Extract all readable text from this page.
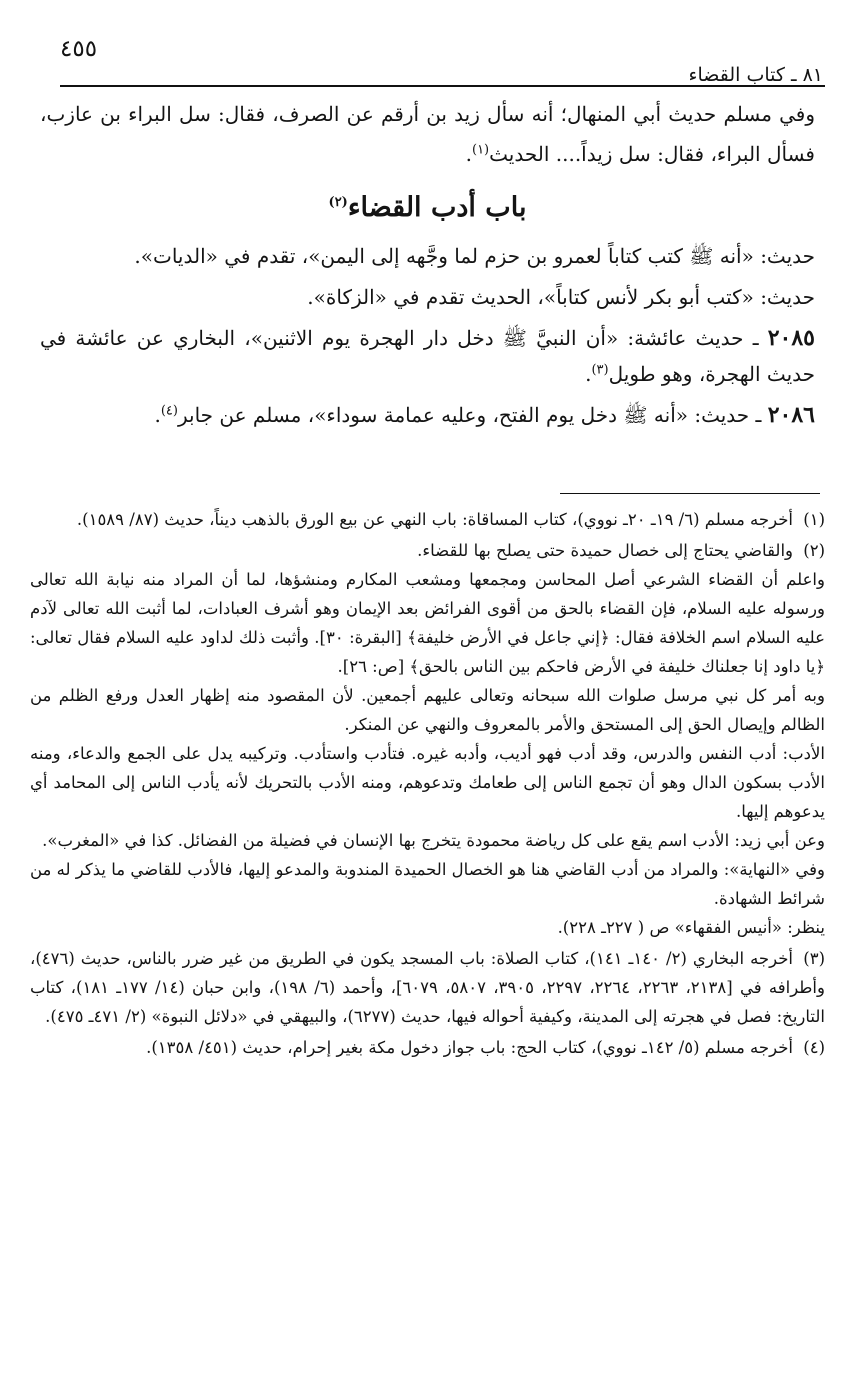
٤٥٥
٨١ ـ كتاب القضاء

وفي مسلم حديث أبي المنهال؛ أنه سأل زيد بن أرقم عن الصرف، فقال: سل البراء بن عازب، فسأل البراء، فقال: سل زيداً.... الحديث$^{(١)}$.

باب أدب القضاء$^{(٢)}$

حديث: «أنه ﷺ كتب كتاباً لعمرو بن حزم لما وجَّهه إلى اليمن»، تقدم في «الديات».

حديث: «كتب أبو بكر لأنس كتاباً»، الحديث تقدم في «الزكاة».

٢٠٨٥ ـ حديث عائشة: «أن النبيَّ ﷺ دخل دار الهجرة يوم الاثنين»، البخاري عن عائشة في حديث الهجرة، وهو طويل$^{(٣)}$.

٢٠٨٦ ـ حديث: «أنه ﷺ دخل يوم الفتح، وعليه عمامة سوداء»، مسلم عن جابر$^{(٤)}$.

(١)أخرجه مسلم (٦/ ١٩ـ ٢٠ـ نووي)، كتاب المساقاة: باب النهي عن بيع الورق بالذهب ديناً، حديث (٨٧/ ١٥٨٩).

(٢)والقاضي يحتاج إلى خصال حميدة حتى يصلح بها للقضاء.

واعلم أن القضاء الشرعي أصل المحاسن ومجمعها ومشعب المكارم ومنشؤها، لما أن المراد منه نيابة الله تعالى ورسوله عليه السلام، فإن القضاء بالحق من أقوى الفرائض بعد الإيمان وهو أشرف العبادات، لما أثبت الله تعالى لآدم عليه السلام اسم الخلافة فقال: ﴿إني جاعل في الأرض خليفة﴾ [البقرة: ٣٠]. وأثبت ذلك لداود عليه السلام فقال تعالى: ﴿يا داود إنا جعلناك خليفة في الأرض فاحكم بين الناس بالحق﴾ [ص: ٢٦].

وبه أمر كل نبي مرسل صلوات الله سبحانه وتعالى عليهم أجمعين. لأن المقصود منه إظهار العدل ورفع الظلم من الظالم وإيصال الحق إلى المستحق والأمر بالمعروف والنهي عن المنكر.

الأدب: أدب النفس والدرس، وقد أدب فهو أديب، وأدبه غيره. فتأدب واستأدب. وتركيبه يدل على الجمع والدعاء، ومنه الأدب بسكون الدال وهو أن تجمع الناس إلى طعامك وتدعوهم، ومنه الأدب بالتحريك لأنه يأدب الناس إلى المحامد أي يدعوهم إليها.

وعن أبي زيد: الأدب اسم يقع على كل رياضة محمودة يتخرج بها الإنسان في فضيلة من الفضائل. كذا في «المغرب».

وفي «النهاية»: والمراد من أدب القاضي هنا هو الخصال الحميدة المندوبة والمدعو إليها، فالأدب للقاضي ما يذكر له من شرائط الشهادة.

ينظر: «أنيس الفقهاء» ص ( ٢٢٧ـ ٢٢٨).

(٣)أخرجه البخاري (٢/ ١٤٠ـ ١٤١)، كتاب الصلاة: باب المسجد يكون في الطريق من غير ضرر بالناس، حديث (٤٧٦)، وأطرافه في [٢١٣٨، ٢٢٦٣، ٢٢٦٤، ٢٢٩٧، ٣٩٠٥، ٥٨٠٧، ٦٠٧٩]، وأحمد (٦/ ١٩٨)، وابن حبان (١٤/ ١٧٧ـ ١٨١)، كتاب التاريخ: فصل في هجرته إلى المدينة، وكيفية أحواله فيها، حديث (٦٢٧٧)، والبيهقي في «دلائل النبوة» (٢/ ٤٧١ـ ٤٧٥).

(٤)أخرجه مسلم (٥/ ١٤٢ـ نووي)، كتاب الحج: باب جواز دخول مكة بغير إحرام، حديث (٤٥١/ ١٣٥٨).
